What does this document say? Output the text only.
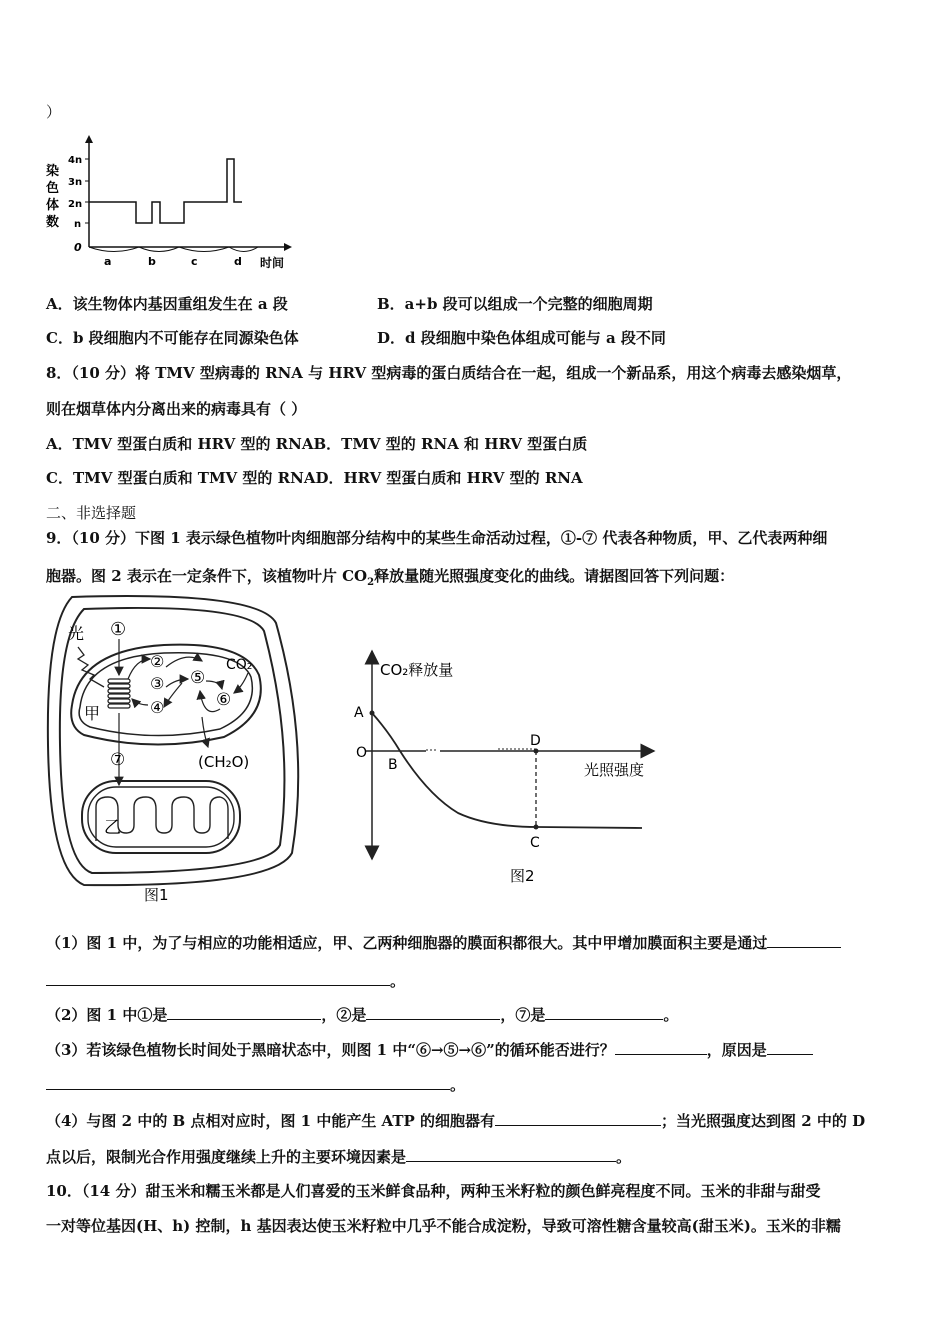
）
染
色
体
数
4n
3n
2n
n
0
a	b	c	d 时间
A．该生物体内基因重组发生在 a 段	B．a+b 段可以组成一个完整的细胞周期
C．b 段细胞内不可能存在同源染色体	D．d 段细胞中染色体组成可能与 a 段不同
8．（10 分）将 TMV 型病毒的 RNA 与 HRV 型病毒的蛋白质结合在一起，组成一个新品系，用这个病毒去感染烟草，
则在烟草体内分离出来的病毒具有（ ）
A．TMV 型蛋白质和 HRV 型的 RNAB．TMV 型的 RNA 和 HRV 型蛋白质
C．TMV 型蛋白质和 TMV 型的 RNAD．HRV 型蛋白质和 HRV 型的 RNA
二、非选择题
9．（10 分）下图 1 表示绿色植物叶肉细胞部分结构中的某些生命活动过程，①-⑦ 代表各种物质，甲、乙代表两种细
胞器。图 2 表示在一定条件下，该植物叶片 $CO_2$释放量随光照强度变化的曲线。请据图回答下列问题：
光 ①
②
③
④
⑤
⑥
CO₂
(CH₂O)
甲
⑦
乙
图1
CO₂释放量
光照强度
A
O
B
D
C
图2
（1）图 1 中，为了与相应的功能相适应，甲、乙两种细胞器的膜面积都很大。其中甲增加膜面积主要是通过
。
（2）图 1 中①是	，②是	，⑦是	。
（3）若该绿色植物长时间处于黑暗状态中，则图 1 中“⑥→⑤→⑥”的循环能否进行？	，原因是
。
（4）与图 2 中的 B 点相对应时，图 1 中能产生 ATP 的细胞器有	；当光照强度达到图 2 中的 D
点以后，限制光合作用强度继续上升的主要环境因素是	。
10．（14 分）甜玉米和糯玉米都是人们喜爱的玉米鲜食品种，两种玉米籽粒的颜色鲜亮程度不同。玉米的非甜与甜受
一对等位基因(H、h) 控制，h 基因表达使玉米籽粒中几乎不能合成淀粉，导致可溶性糖含量较高(甜玉米)。玉米的非糯
